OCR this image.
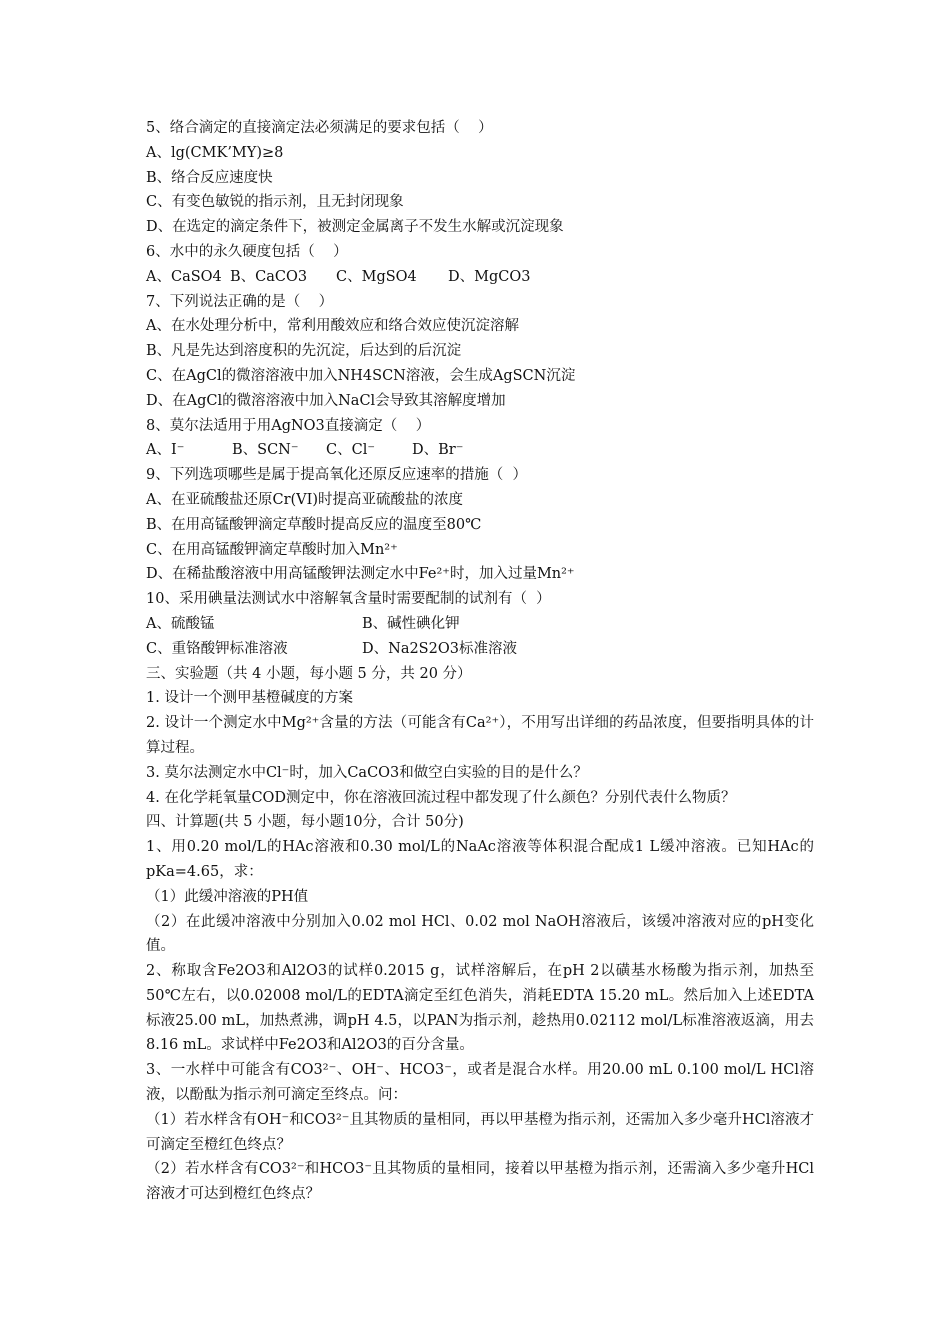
5、络合滴定的直接滴定法必须满足的要求包括（    ）
A、lg(CMK’MY)≥8
B、络合反应速度快
C、有变色敏锐的指示剂，且无封闭现象
D、在选定的滴定条件下，被测定金属离子不发生水解或沉淀现象
6、水中的永久硬度包括（    ）
A、CaSO4 B、CaCO3	C、MgSO4	D、MgCO3
7、下列说法正确的是（    ）
A、在水处理分析中，常利用酸效应和络合效应使沉淀溶解
B、凡是先达到溶度积的先沉淀，后达到的后沉淀
C、在AgCl的微溶溶液中加入NH4SCN溶液，会生成AgSCN沉淀
D、在AgCl的微溶溶液中加入NaCl会导致其溶解度增加
8、莫尔法适用于用AgNO3直接滴定（    ）
A、I⁻	B、SCN⁻	C、Cl⁻	D、Br⁻
9、下列选项哪些是属于提高氧化还原反应速率的措施（  ）
A、在亚硫酸盐还原Cr(VI)时提高亚硫酸盐的浓度
B、在用高锰酸钾滴定草酸时提高反应的温度至80℃
C、在用高锰酸钾滴定草酸时加入Mn²⁺
D、在稀盐酸溶液中用高锰酸钾法测定水中Fe²⁺时，加入过量Mn²⁺
10、采用碘量法测试水中溶解氧含量时需要配制的试剂有（  ）
A、硫酸锰	B、碱性碘化钾
C、重铬酸钾标准溶液	D、Na2S2O3标准溶液
三、实验题（共 4 小题，每小题 5 分，共 20 分）
1. 设计一个测甲基橙碱度的方案
2. 设计一个测定水中Mg²⁺含量的方法（可能含有Ca²⁺），不用写出详细的药品浓度，但要指明具体的计算过程。
3. 莫尔法测定水中Cl⁻时，加入CaCO3和做空白实验的目的是什么？
4. 在化学耗氧量COD测定中，你在溶液回流过程中都发现了什么颜色？分别代表什么物质？
四、计算题(共 5 小题，每小题10分，合计 50分)
1、用0.20 mol/L的HAc溶液和0.30 mol/L的NaAc溶液等体积混合配成1 L缓冲溶液。已知HAc的pKa=4.65，求：
（1）此缓冲溶液的PH值
（2）在此缓冲溶液中分别加入0.02 mol HCl、0.02 mol NaOH溶液后，该缓冲溶液对应的pH变化值。
2、称取含Fe2O3和Al2O3的试样0.2015 g，试样溶解后，在pH 2以磺基水杨酸为指示剂，加热至50℃左右，以0.02008 mol/L的EDTA滴定至红色消失，消耗EDTA 15.20 mL。然后加入上述EDTA标液25.00 mL，加热煮沸，调pH 4.5，以PAN为指示剂，趁热用0.02112 mol/L标准溶液返滴，用去8.16 mL。求试样中Fe2O3和Al2O3的百分含量。
3、一水样中可能含有CO3²⁻、OH⁻、HCO3⁻，或者是混合水样。用20.00 mL 0.100 mol/L HCl溶液，以酚酞为指示剂可滴定至终点。问：
（1）若水样含有OH⁻和CO3²⁻且其物质的量相同，再以甲基橙为指示剂，还需加入多少毫升HCl溶液才可滴定至橙红色终点？
（2）若水样含有CO3²⁻和HCO3⁻且其物质的量相同，接着以甲基橙为指示剂，还需滴入多少毫升HCl溶液才可达到橙红色终点？
